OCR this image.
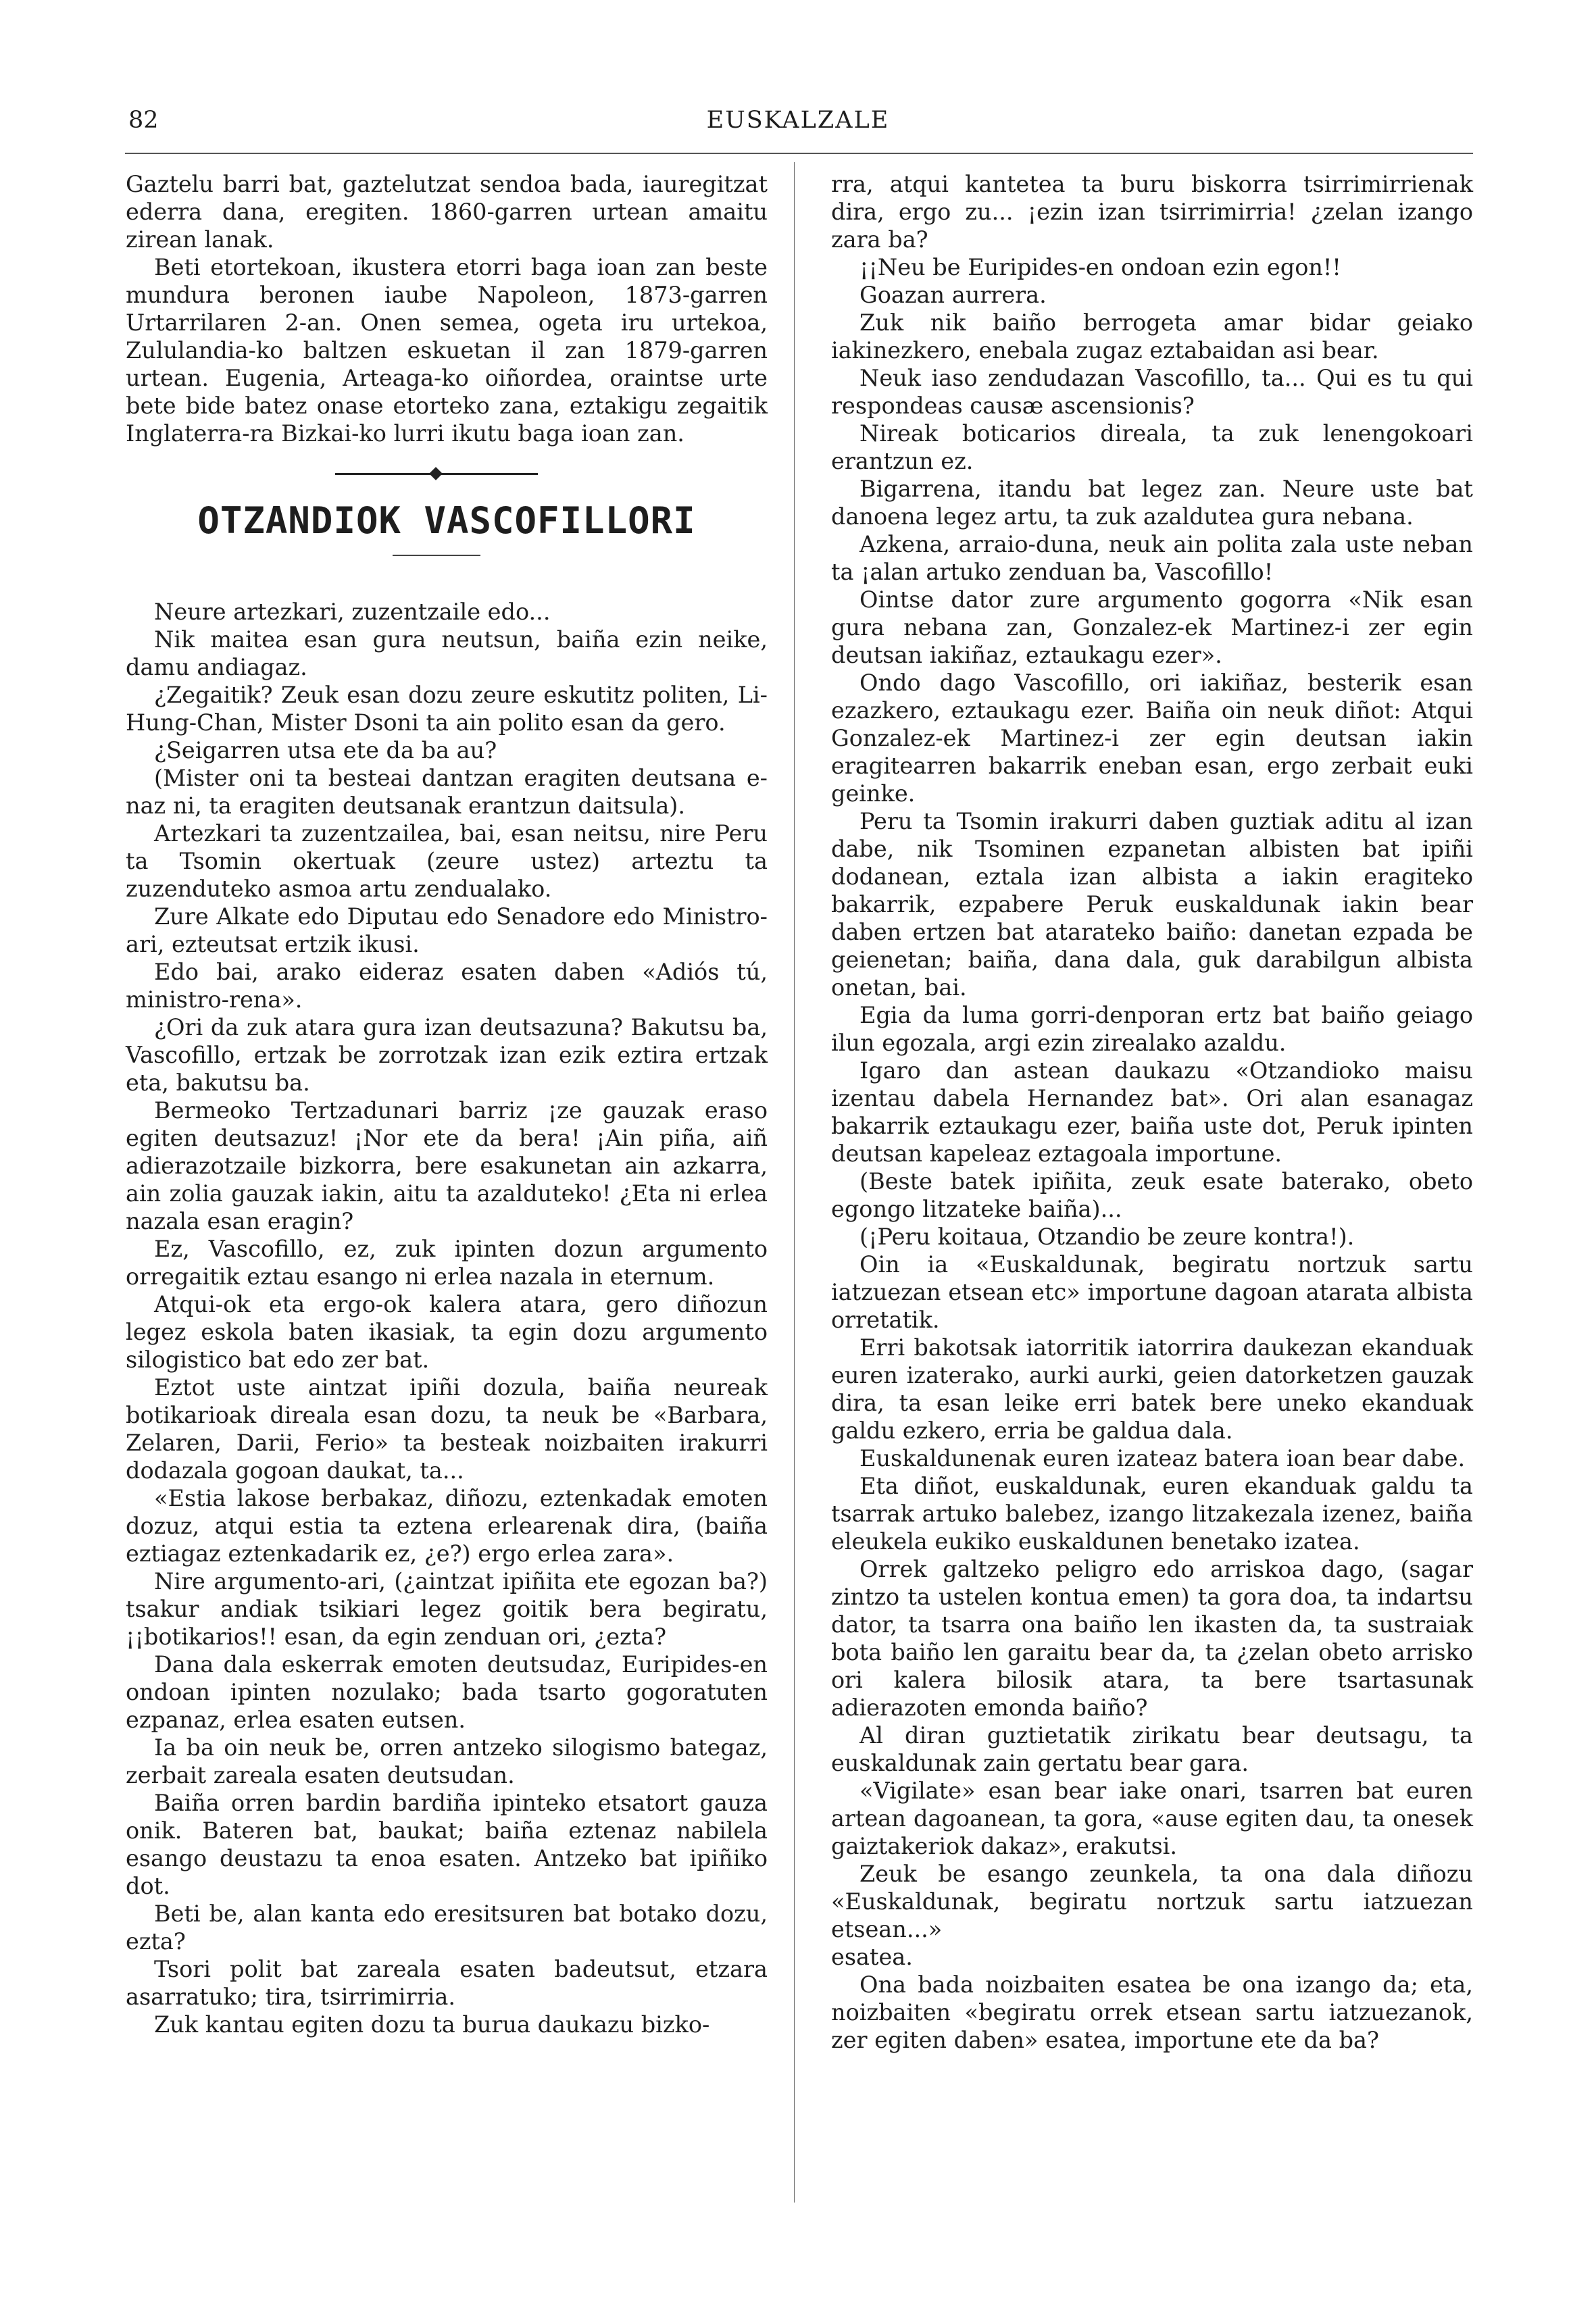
82	EUSKALZALE

Gaztelu barri bat, gaztelutzat sendoa bada, iauregitzat ederra dana, eregiten. 1860-garren urtean amaitu zirean lanak.

Beti etortekoan, ikustera etorri baga ioan zan beste mundura beronen iaube Napoleon, 1873-garren Urtarrilaren 2-an. Onen semea, ogeta iru urtekoa, Zululandia-ko baltzen eskuetan il zan 1879-garren urtean. Eugenia, Arteaga-ko oiñordea, oraintse urte bete bide batez onase etorteko zana, eztakigu zegaitik Inglaterra-ra Bizkai-ko lurri ikutu baga ioan zan.

OTZANDIOK VASCOFILLORI

Neure artezkari, zuzentzaile edo...

Nik maitea esan gura neutsun, baiña ezin neike, damu andiagaz.

¿Zegaitik? Zeuk esan dozu zeure eskutitz politen, Li-Hung-Chan, Mister Dsoni ta ain polito esan da gero.

¿Seigarren utsa ete da ba au?

(Mister oni ta besteai dantzan eragiten deutsana e-naz ni, ta eragiten deutsanak erantzun daitsula).

Artezkari ta zuzentzailea, bai, esan neitsu, nire Peru ta Tsomin okertuak (zeure ustez) arteztu ta zuzenduteko asmoa artu zendualako.

Zure Alkate edo Diputau edo Senadore edo Ministro-ari, ezteutsat ertzik ikusi.

Edo bai, arako eideraz esaten daben «Adiós tú, ministro-rena».

¿Ori da zuk atara gura izan deutsazuna? Bakutsu ba, Vascofillo, ertzak be zorrotzak izan ezik eztira ertzak eta, bakutsu ba.

Bermeoko Tertzadunari barriz ¡ze gauzak eraso egiten deutsazuz! ¡Nor ete da bera! ¡Ain piña, aiñ adierazotzaile bizkorra, bere esakunetan ain azkarra, ain zolia gauzak iakin, aitu ta azalduteko! ¿Eta ni erlea nazala esan eragin?

Ez, Vascofillo, ez, zuk ipinten dozun argumento orregaitik eztau esango ni erlea nazala in eternum.

Atqui-ok eta ergo-ok kalera atara, gero diñozun legez eskola baten ikasiak, ta egin dozu argumento silogistico bat edo zer bat.

Eztot uste aintzat ipiñi dozula, baiña neureak botikarioak direala esan dozu, ta neuk be «Barbara, Zelaren, Darii, Ferio» ta besteak noizbaiten irakurri dodazala gogoan daukat, ta...

«Estia lakose berbakaz, diñozu, eztenkadak emoten dozuz, atqui estia ta eztena erlearenak dira, (baiña eztiagaz eztenkadarik ez, ¿e?) ergo erlea zara».

Nire argumento-ari, (¿aintzat ipiñita ete egozan ba?) tsakur andiak tsikiari legez goitik bera begiratu, ¡¡botikarios!! esan, da egin zenduan ori, ¿ezta?

Dana dala eskerrak emoten deutsudaz, Euripides-en ondoan ipinten nozulako; bada tsarto gogoratuten ezpanaz, erlea esaten eutsen.

Ia ba oin neuk be, orren antzeko silogismo bategaz, zerbait zareala esaten deutsudan.

Baiña orren bardin bardiña ipinteko etsatort gauza onik. Bateren bat, baukat; baiña eztenaz nabilela esango deustazu ta enoa esaten. Antzeko bat ipiñiko dot.

Beti be, alan kanta edo eresitsuren bat botako dozu, ezta?

Tsori polit bat zareala esaten badeutsut, etzara asarratuko; tira, tsirrimirria.

Zuk kantau egiten dozu ta burua daukazu bizko-

rra, atqui kantetea ta buru biskorra tsirrimirrienak dira, ergo zu... ¡ezin izan tsirrimirria! ¿zelan izango zara ba?

¡¡Neu be Euripides-en ondoan ezin egon!!

Goazan aurrera.

Zuk nik baiño berrogeta amar bidar geiako iakinezkero, enebala zugaz eztabaidan asi bear.

Neuk iaso zendudazan Vascofillo, ta... Qui es tu qui respondeas causæ ascensionis?

Nireak boticarios direala, ta zuk lenengokoari erantzun ez.

Bigarrena, itandu bat legez zan. Neure uste bat danoena legez artu, ta zuk azaldutea gura nebana.

Azkena, arraio-duna, neuk ain polita zala uste neban ta ¡alan artuko zenduan ba, Vascofillo!

Ointse dator zure argumento gogorra «Nik esan gura nebana zan, Gonzalez-ek Martinez-i zer egin deutsan iakiñaz, eztaukagu ezer».

Ondo dago Vascofillo, ori iakiñaz, besterik esan ezazkero, eztaukagu ezer. Baiña oin neuk diñot: Atqui Gonzalez-ek Martinez-i zer egin deutsan iakin eragitearren bakarrik eneban esan, ergo zerbait euki geinke.

Peru ta Tsomin irakurri daben guztiak aditu al izan dabe, nik Tsominen ezpanetan albisten bat ipiñi dodanean, eztala izan albista a iakin eragiteko bakarrik, ezpabere Peruk euskaldunak iakin bear daben ertzen bat atarateko baiño: danetan ezpada be geienetan; baiña, dana dala, guk darabilgun albista onetan, bai.

Egia da luma gorri-denporan ertz bat baiño geiago ilun egozala, argi ezin zirealako azaldu.

Igaro dan astean daukazu «Otzandioko maisu izentau dabela Hernandez bat». Ori alan esanagaz bakarrik eztaukagu ezer, baiña uste dot, Peruk ipinten deutsan kapeleaz eztagoala importune.

(Beste batek ipiñita, zeuk esate baterako, obeto egongo litzateke baiña)...

(¡Peru koitaua, Otzandio be zeure kontra!).

Oin ia «Euskaldunak, begiratu nortzuk sartu iatzuezan etsean etc» importune dagoan atarata albista orretatik.

Erri bakotsak iatorritik iatorrira daukezan ekanduak euren izaterako, aurki aurki, geien datorketzen gauzak dira, ta esan leike erri batek bere uneko ekanduak galdu ezkero, erria be galdua dala.

Euskaldunenak euren izateaz batera ioan bear dabe.

Eta diñot, euskaldunak, euren ekanduak galdu ta tsarrak artuko balebez, izango litzakezala izenez, baiña eleukela eukiko euskaldunen benetako izatea.

Orrek galtzeko peligro edo arriskoa dago, (sagar zintzo ta ustelen kontua emen) ta gora doa, ta indartsu dator, ta tsarra ona baiño len ikasten da, ta sustraiak bota baiño len garaitu bear da, ta ¿zelan obeto arrisko ori kalera bilosik atara, ta bere tsartasunak adierazoten emonda baiño?

Al diran guztietatik zirikatu bear deutsagu, ta euskaldunak zain gertatu bear gara.

«Vigilate» esan bear iake onari, tsarren bat euren artean dagoanean, ta gora, «ause egiten dau, ta onesek gaiztakeriok dakaz», erakutsi.

Zeuk be esango zeunkela, ta ona dala diñozu «Euskaldunak, begiratu nortzuk sartu iatzuezan etsean...»

esatea.

Ona bada noizbaiten esatea be ona izango da; eta, noizbaiten «begiratu orrek etsean sartu iatzuezanok, zer egiten daben» esatea, importune ete da ba?
